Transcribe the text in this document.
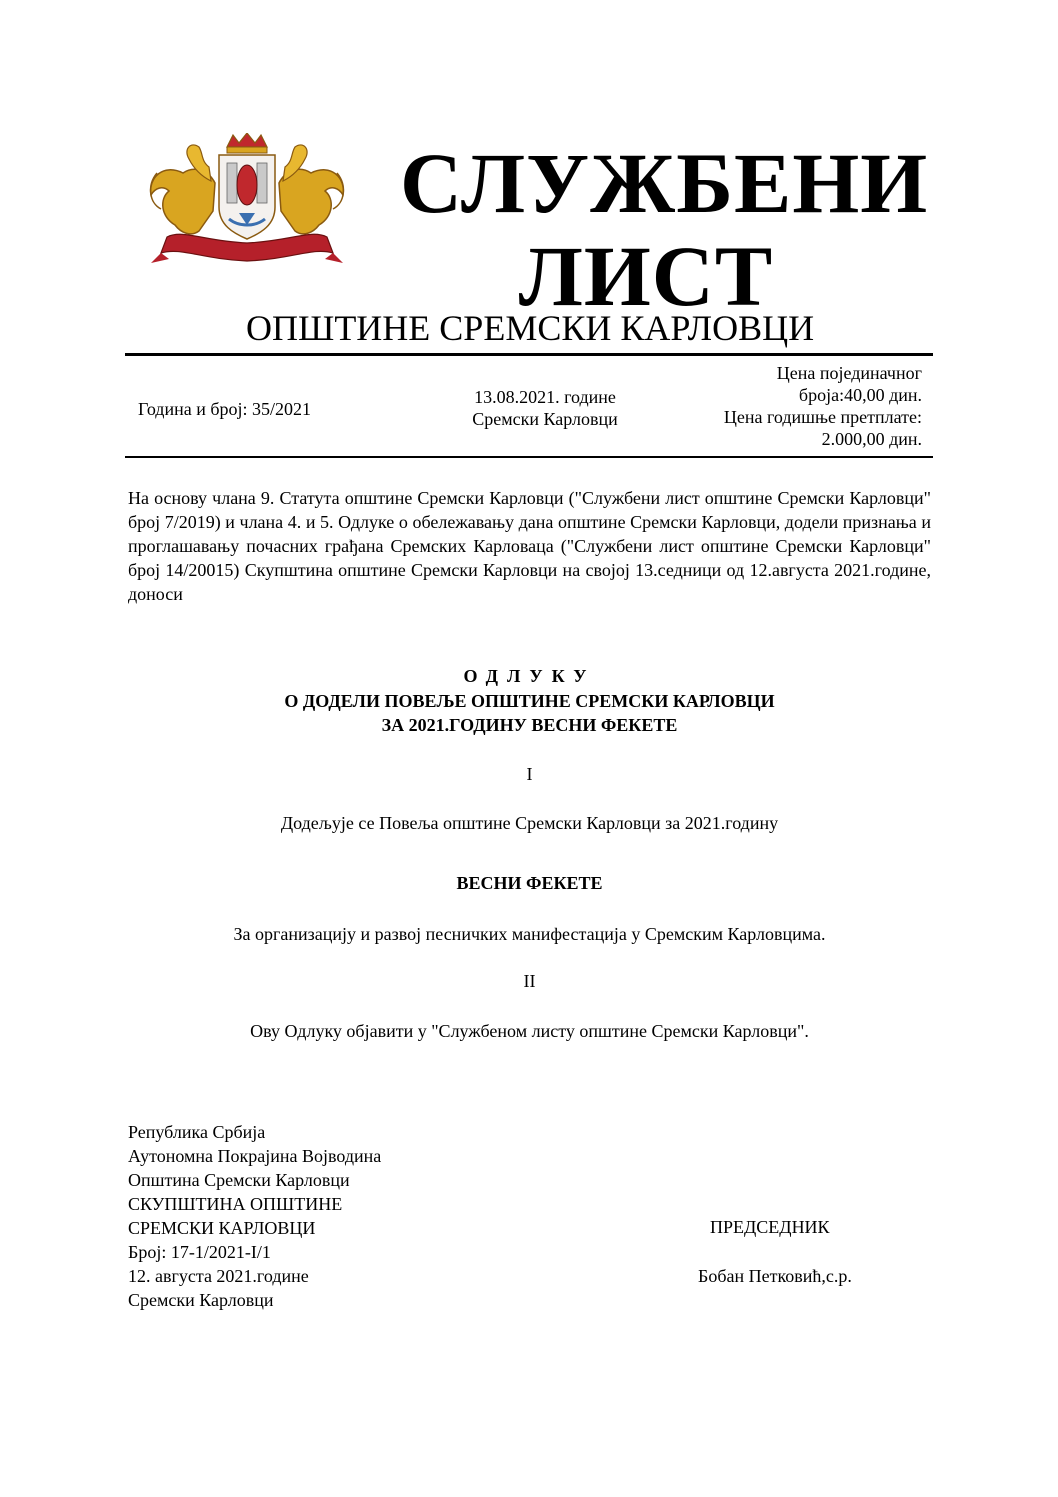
СЛУЖБЕНИ
ЛИСТ
ОПШТИНЕ СРЕМСКИ КАРЛОВЦИ
Година и број: 35/2021
13.08.2021. године
Сремски Карловци
Цена појединачног
броја:40,00 дин.
Цена годишње претплате:
2.000,00 дин.
На основу члана 9. Статута општине Сремски Карловци ("Службени лист општине Сремски Карловци" број 7/2019) и члана 4. и 5. Одлуке о обележавању дана општине Сремски Карловци, додели признања и проглашавању почасних грађана Сремских Карловаца ("Службени лист општине Сремски Карловци" број 14/20015) Скупштина општине Сремски Карловци на својој 13.седници од 12.августа 2021.године, доноси
ОДЛУКУ
О ДОДЕЛИ ПОВЕЉЕ ОПШТИНЕ СРЕМСКИ КАРЛОВЦИ
ЗА 2021.ГОДИНУ ВЕСНИ ФЕКЕТЕ
I
Додељује се Повеља општине Сремски Карловци за 2021.годину
ВЕСНИ ФЕКЕТЕ
За организацију и развој песничких манифестација у Сремским Карловцима.
II
Ову Одлуку објавити у "Службеном листу општине Сремски Карловци".
Република Србија
Аутономна Покрајина Војводина
Општина Сремски Карловци
СКУПШТИНА ОПШТИНЕ
СРЕМСКИ КАРЛОВЦИ
Број: 17-1/2021-I/1
12. августа 2021.године
Сремски Карловци
ПРЕДСЕДНИК
Бобан Петковић,с.р.
